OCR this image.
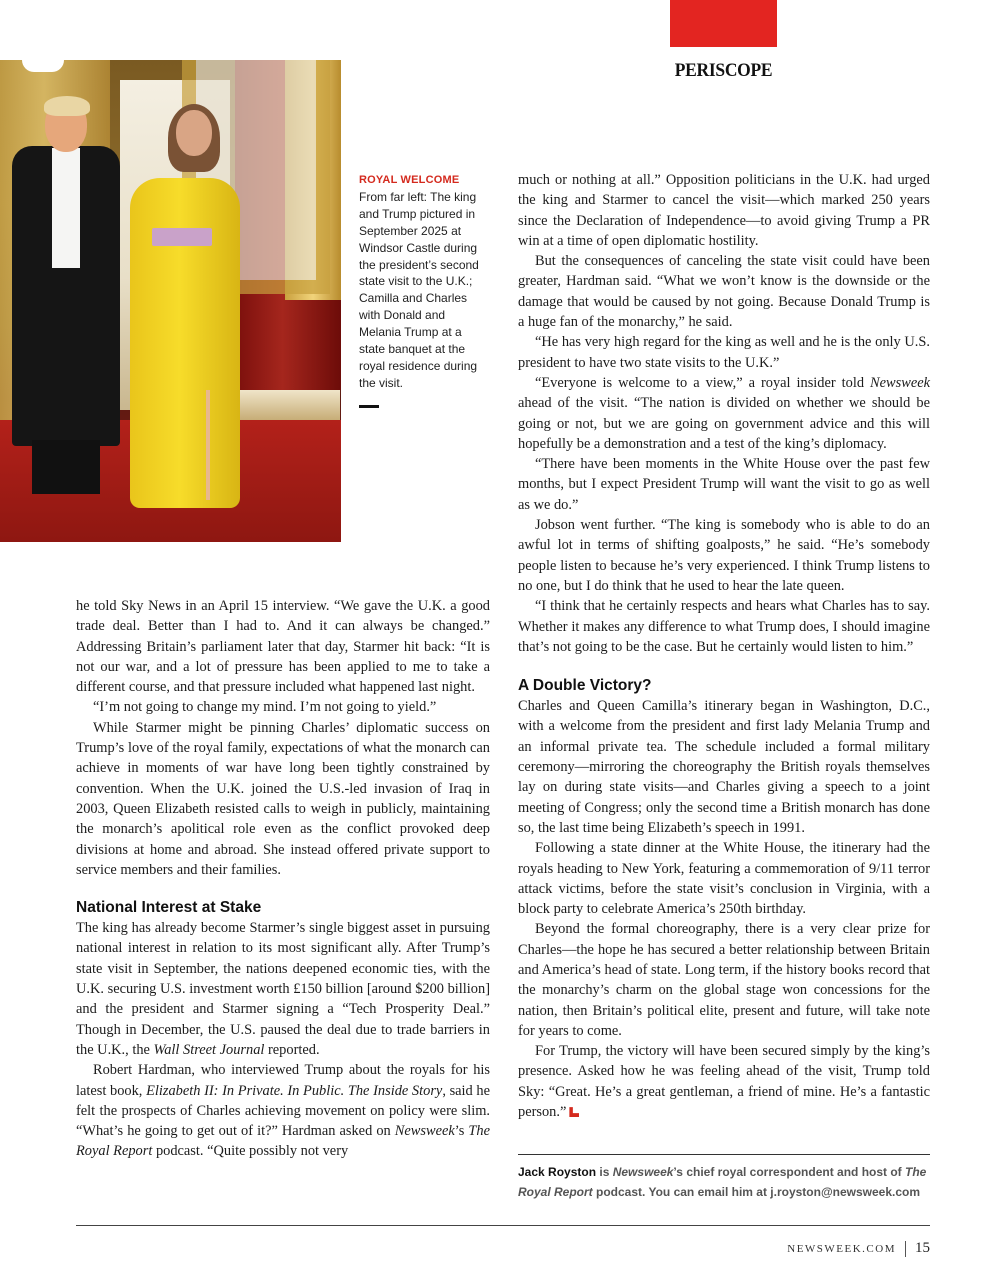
PERISCOPE
ROYAL WELCOME
From far left: The king and Trump pictured in September 2025 at Windsor Castle during the president’s second state visit to the U.K.; Camilla and Charles with Donald and Melania Trump at a state banquet at the royal residence during the visit.

he told Sky News in an April 15 interview. “We gave the U.K. a good trade deal. Better than I had to. And it can always be changed.” Addressing Britain’s parliament later that day, Starmer hit back: “It is not our war, and a lot of pressure has been applied to me to take a different course, and that pressure included what happened last night.

“I’m not going to change my mind. I’m not going to yield.”

While Starmer might be pinning Charles’ diplomatic success on Trump’s love of the royal family, expectations of what the monarch can achieve in moments of war have long been tightly constrained by convention. When the U.K. joined the U.S.-led invasion of Iraq in 2003, Queen Elizabeth resisted calls to weigh in publicly, maintaining the monarch’s apolitical role even as the conflict provoked deep divisions at home and abroad. She instead offered private support to service members and their families.

National Interest at Stake

The king has already become Starmer’s single biggest asset in pursuing national interest in relation to its most significant ally. After Trump’s state visit in September, the nations deepened economic ties, with the U.K. securing U.S. investment worth £150 billion [around $200 billion] and the president and Starmer signing a “Tech Prosperity Deal.” Though in December, the U.S. paused the deal due to trade barriers in the U.K., the Wall Street Journal reported.

Robert Hardman, who interviewed Trump about the royals for his latest book, Elizabeth II: In Private. In Public. The Inside Story, said he felt the prospects of Charles achieving movement on policy were slim. “What’s he going to get out of it?” Hardman asked on Newsweek’s The Royal Report podcast. “Quite possibly not very

much or nothing at all.” Opposition politicians in the U.K. had urged the king and Starmer to cancel the visit—which marked 250 years since the Declaration of Independence—to avoid giving Trump a PR win at a time of open diplomatic hostility.

But the consequences of canceling the state visit could have been greater, Hardman said. “What we won’t know is the downside or the damage that would be caused by not going. Because Donald Trump is a huge fan of the monarchy,” he said.

“He has very high regard for the king as well and he is the only U.S. president to have two state visits to the U.K.”

“Everyone is welcome to a view,” a royal insider told Newsweek ahead of the visit. “The nation is divided on whether we should be going or not, but we are going on government advice and this will hopefully be a demonstration and a test of the king’s diplomacy.

“There have been moments in the White House over the past few months, but I expect President Trump will want the visit to go as well as we do.”

Jobson went further. “The king is somebody who is able to do an awful lot in terms of shifting goalposts,” he said. “He’s somebody people listen to because he’s very experienced. I think Trump listens to no one, but I do think that he used to hear the late queen.

“I think that he certainly respects and hears what Charles has to say. Whether it makes any difference to what Trump does, I should imagine that’s not going to be the case. But he certainly would listen to him.”

A Double Victory?

Charles and Queen Camilla’s itinerary began in Washington, D.C., with a welcome from the president and first lady Melania Trump and an informal private tea. The schedule included a formal military ceremony—mirroring the choreography the British royals themselves lay on during state visits—and Charles giving a speech to a joint meeting of Congress; only the second time a British monarch has done so, the last time being Elizabeth’s speech in 1991.

Following a state dinner at the White House, the itinerary had the royals heading to New York, featuring a commemoration of 9/11 terror attack victims, before the state visit’s conclusion in Virginia, with a block party to celebrate America’s 250th birthday.

Beyond the formal choreography, there is a very clear prize for Charles—the hope he has secured a better relationship between Britain and America’s head of state. Long term, if the history books record that the monarchy’s charm on the global stage won concessions for the nation, then Britain’s political elite, present and future, will take note for years to come.

For Trump, the victory will have been secured simply by the king’s presence. Asked how he was feeling ahead of the visit, Trump told Sky: “Great. He’s a great gentleman, a friend of mine. He’s a fantastic person.”

Jack Royston is Newsweek’s chief royal correspondent and host of The Royal Report podcast. You can email him at j.royston@newsweek.com
NEWSWEEK.COM 15
